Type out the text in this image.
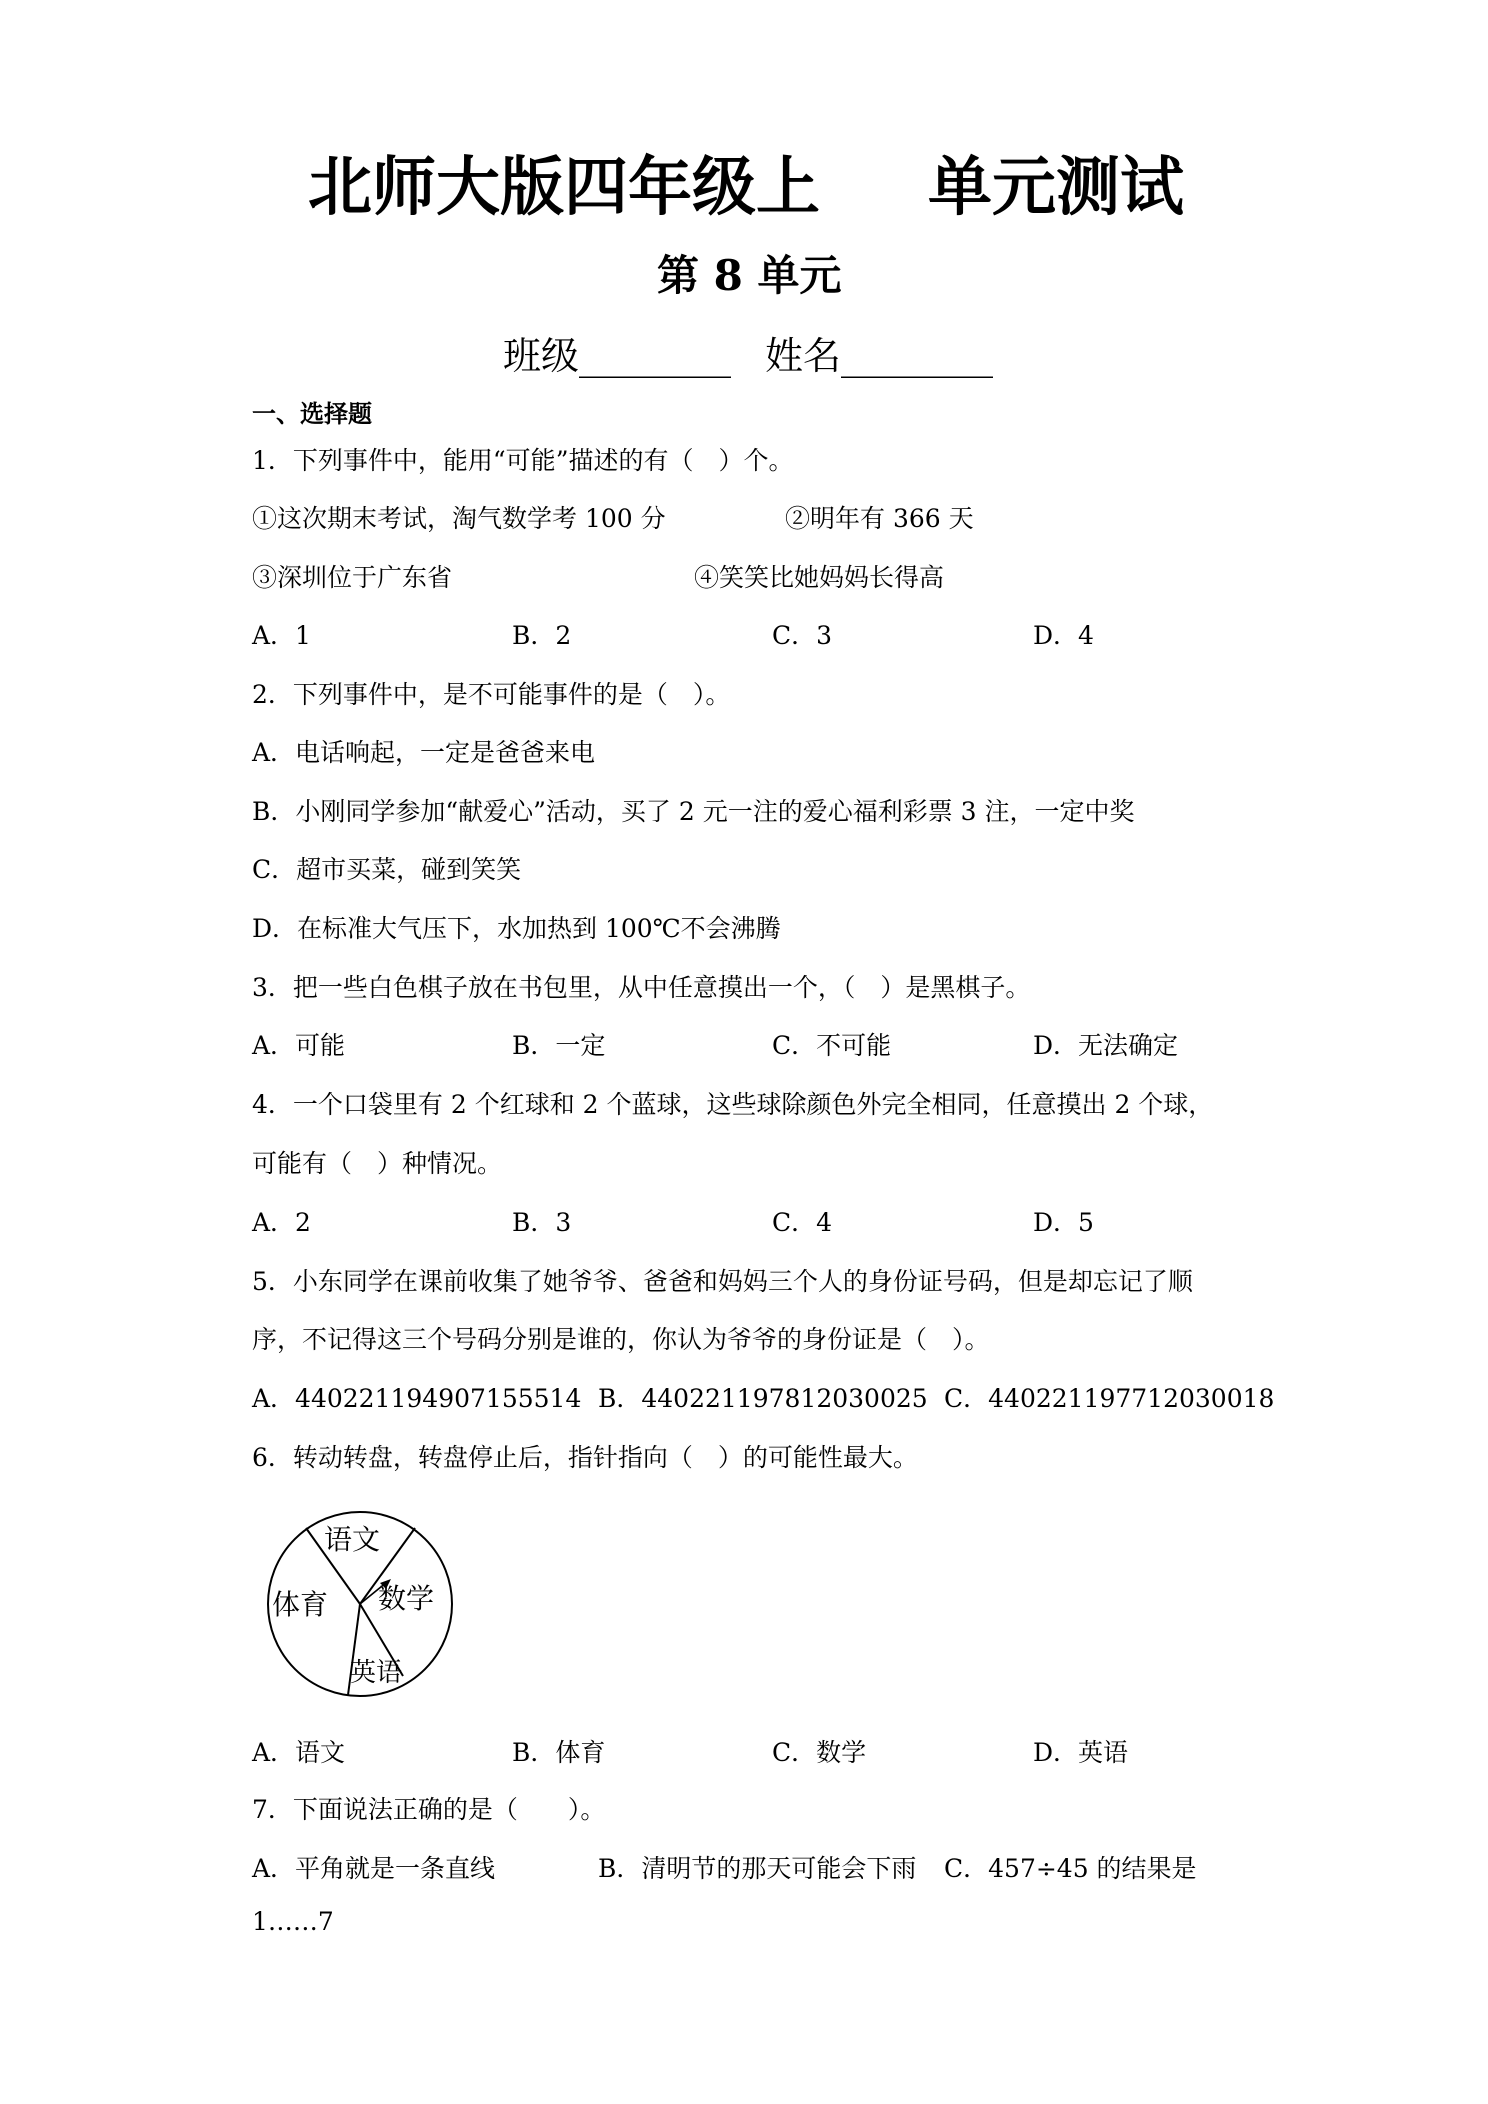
北师大版四年级上 单元测试
第 8 单元
班级________ 姓名________
一、选择题
1．下列事件中，能用“可能”描述的有（　）个。
①这次期末考试，淘气数学考 100 分	②明年有 366 天
③深圳位于广东省	④笑笑比她妈妈长得高
A．1	B．2	C．3	D．4
2．下列事件中，是不可能事件的是（　）。
A．电话响起，一定是爸爸来电
B．小刚同学参加“献爱心”活动，买了 2 元一注的爱心福利彩票 3 注，一定中奖
C．超市买菜，碰到笑笑
D．在标准大气压下，水加热到 100℃不会沸腾
3．把一些白色棋子放在书包里，从中任意摸出一个，（　）是黑棋子。
A．可能	B．一定	C．不可能	D．无法确定
4．一个口袋里有 2 个红球和 2 个蓝球，这些球除颜色外完全相同，任意摸出 2 个球，
可能有（　）种情况。
A．2	B．3	C．4	D．5
5．小东同学在课前收集了她爷爷、爸爸和妈妈三个人的身份证号码，但是却忘记了顺
序，不记得这三个号码分别是谁的，你认为爷爷的身份证是（　）。
A．440221194907155514 B．440221197812030025 C．440221197712030018
6．转动转盘，转盘停止后，指针指向（　）的可能性最大。
语文
数学
英语
体育
A．语文	B．体育	C．数学	D．英语
7．下面说法正确的是（　　）。
A．平角就是一条直线	B．清明节的那天可能会下雨 C．457÷45 的结果是
1……7
